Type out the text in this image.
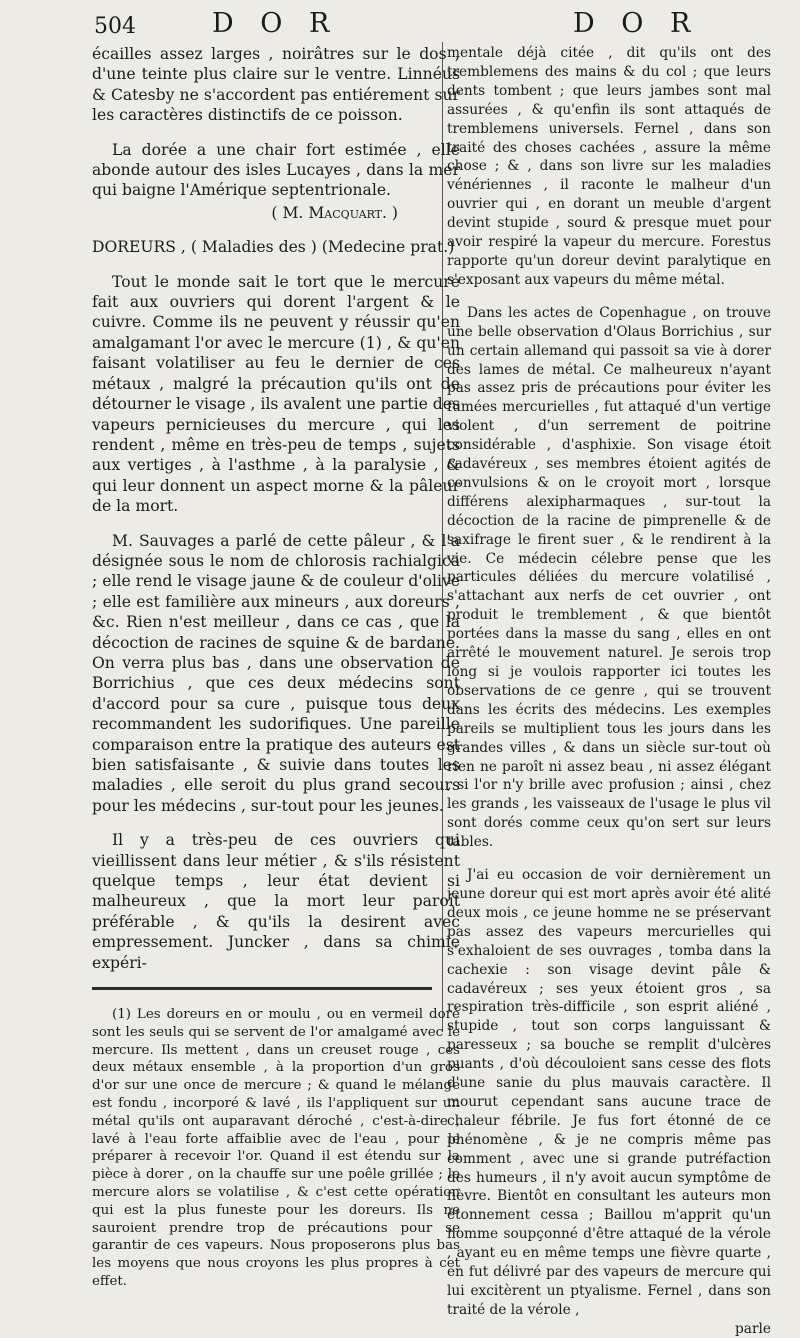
504	D O R	D O R

écailles assez larges , noirâtres sur le dos , d'une teinte plus claire sur le ventre. Linnéus & Catesby ne s'accordent pas entiérement sur les caractères distinctifs de ce poisson.

La dorée a une chair fort estimée , elle abonde autour des isles Lucayes , dans la mer qui baigne l'Amérique septentrionale.

( M. Macquart. )

DOREURS , ( Maladies des ) (Medecine prat.)

Tout le monde sait le tort que le mercure fait aux ouvriers qui dorent l'argent & le cuivre. Comme ils ne peuvent y réussir qu'en amalgamant l'or avec le mercure (1) , & qu'en faisant volatiliser au feu le dernier de ces métaux , malgré la précaution qu'ils ont de détourner le visage , ils avalent une partie des vapeurs pernicieuses du mercure , qui les rendent , même en très-peu de temps , sujets aux vertiges , à l'asthme , à la paralysie , & qui leur donnent un aspect morne & la pâleur de la mort.

M. Sauvages a parlé de cette pâleur , & l'a désignée sous le nom de chlorosis rachialgica ; elle rend le visage jaune & de couleur d'olive ; elle est familière aux mineurs , aux doreurs , &c. Rien n'est meilleur , dans ce cas , que la décoction de racines de squine & de bardane. On verra plus bas , dans une observation de Borrichius , que ces deux médecins sont d'accord pour sa cure , puisque tous deux recommandent les sudorifiques. Une pareille comparaison entre la pratique des auteurs est bien satisfaisante , & suivie dans toutes les maladies , elle seroit du plus grand secours pour les médecins , sur-tout pour les jeunes.

Il y a très-peu de ces ouvriers qui vieillissent dans leur métier , & s'ils résistent quelque temps , leur état devient si malheureux , que la mort leur paroît préférable , & qu'ils la desirent avec empressement. Juncker , dans sa chimie expéri-

(1) Les doreurs en or moulu , ou en vermeil doré sont les seuls qui se servent de l'or amalgamé avec le mercure. Ils mettent , dans un creuset rouge , ces deux métaux ensemble , à la proportion d'un gros d'or sur une once de mercure ; & quand le mélange est fondu , incorporé & lavé , ils l'appliquent sur un métal qu'ils ont auparavant déroché , c'est-à-dire , lavé à l'eau forte affaiblie avec de l'eau , pour le préparer à recevoir l'or. Quand il est étendu sur la pièce à dorer , on la chauffe sur une poêle grillée ; le mercure alors se volatilise , & c'est cette opération qui est la plus funeste pour les doreurs. Ils ne sauroient prendre trop de précautions pour se garantir de ces vapeurs. Nous proposerons plus bas les moyens que nous croyons les plus propres à cet effet.

mentale déjà citée , dit qu'ils ont des tremblemens des mains & du col ; que leurs dents tombent ; que leurs jambes sont mal assurées , & qu'enfin ils sont attaqués de tremblemens universels. Fernel , dans son traité des choses cachées , assure la même chose ; & , dans son livre sur les maladies vénériennes , il raconte le malheur d'un ouvrier qui , en dorant un meuble d'argent devint stupide , sourd & presque muet pour avoir respiré la vapeur du mercure. Forestus rapporte qu'un doreur devint paralytique en s'exposant aux vapeurs du même métal.

Dans les actes de Copenhague , on trouve une belle observation d'Olaus Borrichius , sur un certain allemand qui passoit sa vie à dorer des lames de métal. Ce malheureux n'ayant pas assez pris de précautions pour éviter les fumées mercurielles , fut attaqué d'un vertige violent , d'un serrement de poitrine considérable , d'asphixie. Son visage étoit cadavéreux , ses membres étoient agités de convulsions & on le croyoit mort , lorsque différens alexipharmaques , sur-tout la décoction de la racine de pimprenelle & de saxifrage le firent suer , & le rendirent à la vie. Ce médecin célebre pense que les particules déliées du mercure volatilisé , s'attachant aux nerfs de cet ouvrier , ont produit le tremblement , & que bientôt portées dans la masse du sang , elles en ont arrêté le mouvement naturel. Je serois trop long si je voulois rapporter ici toutes les observations de ce genre , qui se trouvent dans les écrits des médecins. Les exemples pareils se multiplient tous les jours dans les grandes villes , & dans un siècle sur-tout où rien ne paroît ni assez beau , ni assez élégant , si l'or n'y brille avec profusion ; ainsi , chez les grands , les vaisseaux de l'usage le plus vil sont dorés comme ceux qu'on sert sur leurs tables.

J'ai eu occasion de voir dernièrement un jeune doreur qui est mort après avoir été alité deux mois , ce jeune homme ne se préservant pas assez des vapeurs mercurielles qui s'exhaloient de ses ouvrages , tomba dans la cachexie : son visage devint pâle & cadavéreux ; ses yeux étoient gros , sa respiration très-difficile , son esprit aliéné , stupide , tout son corps languissant & paresseux ; sa bouche se remplit d'ulcères puants , d'où découloient sans cesse des flots d'une sanie du plus mauvais caractère. Il mourut cependant sans aucune trace de chaleur fébrile. Je fus fort étonné de ce phénomène , & je ne compris même pas comment , avec une si grande putréfaction des humeurs , il n'y avoit aucun symptôme de fièvre. Bientôt en consultant les auteurs mon étonnement cessa ; Baillou m'apprit qu'un homme soupçonné d'être attaqué de la vérole , ayant eu en même temps une fièvre quarte , en fut délivré par des vapeurs de mercure qui lui excitèrent un ptyalisme. Fernel , dans son traité de la vérole ,

parle
